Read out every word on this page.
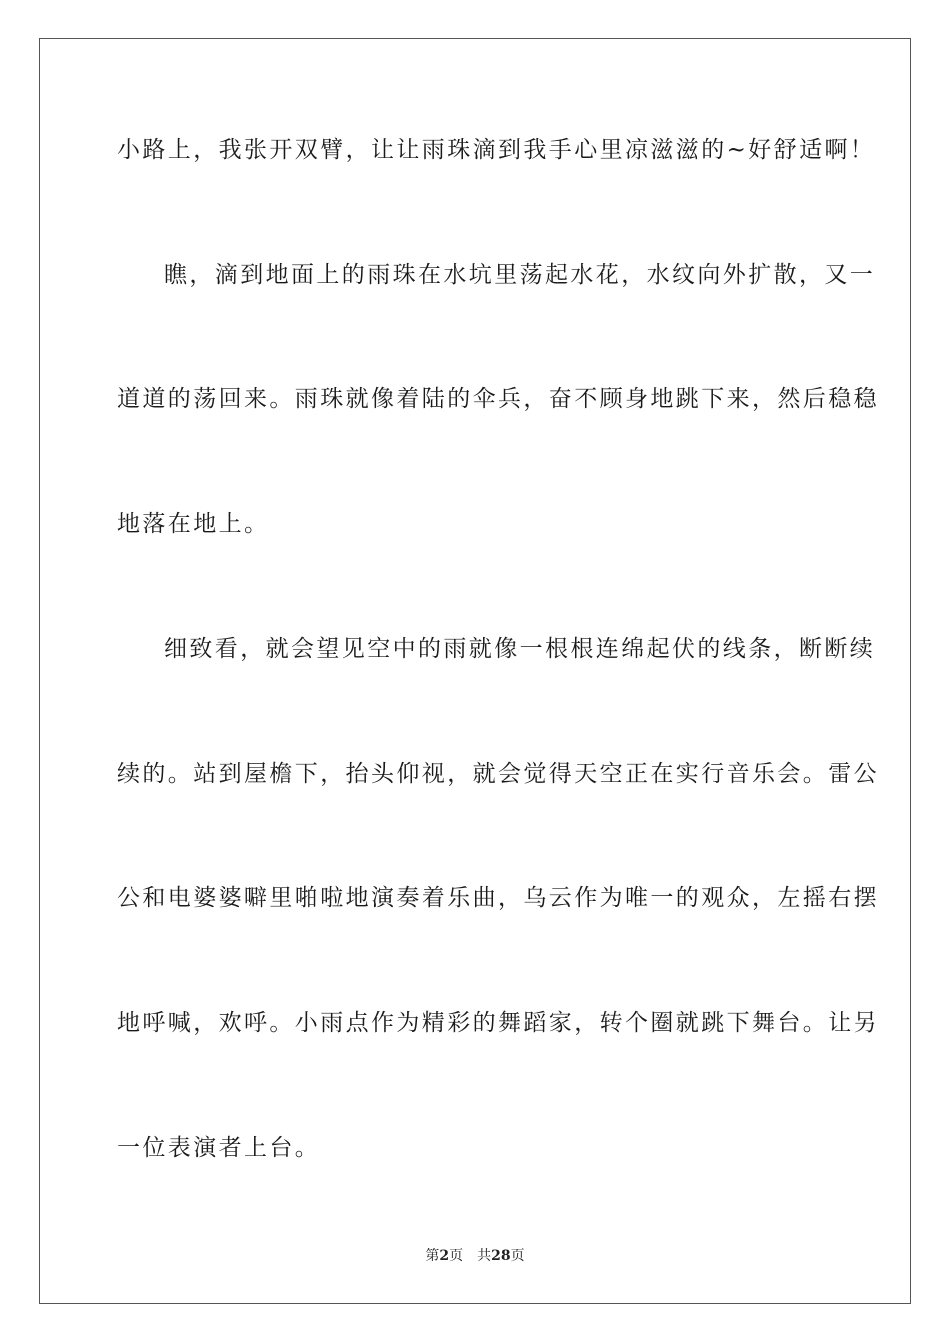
小路上，我张开双臂，让让雨珠滴到我手心里凉滋滋的~好舒适啊！
瞧，滴到地面上的雨珠在水坑里荡起水花，水纹向外扩散，又一
道道的荡回来。雨珠就像着陆的伞兵，奋不顾身地跳下来，然后稳稳
地落在地上。
细致看，就会望见空中的雨就像一根根连绵起伏的线条，断断续
续的。站到屋檐下，抬头仰视，就会觉得天空正在实行音乐会。雷公
公和电婆婆噼里啪啦地演奏着乐曲，乌云作为唯一的观众，左摇右摆
地呼喊，欢呼。小雨点作为精彩的舞蹈家，转个圈就跳下舞台。让另
一位表演者上台。
第2页 共28页
